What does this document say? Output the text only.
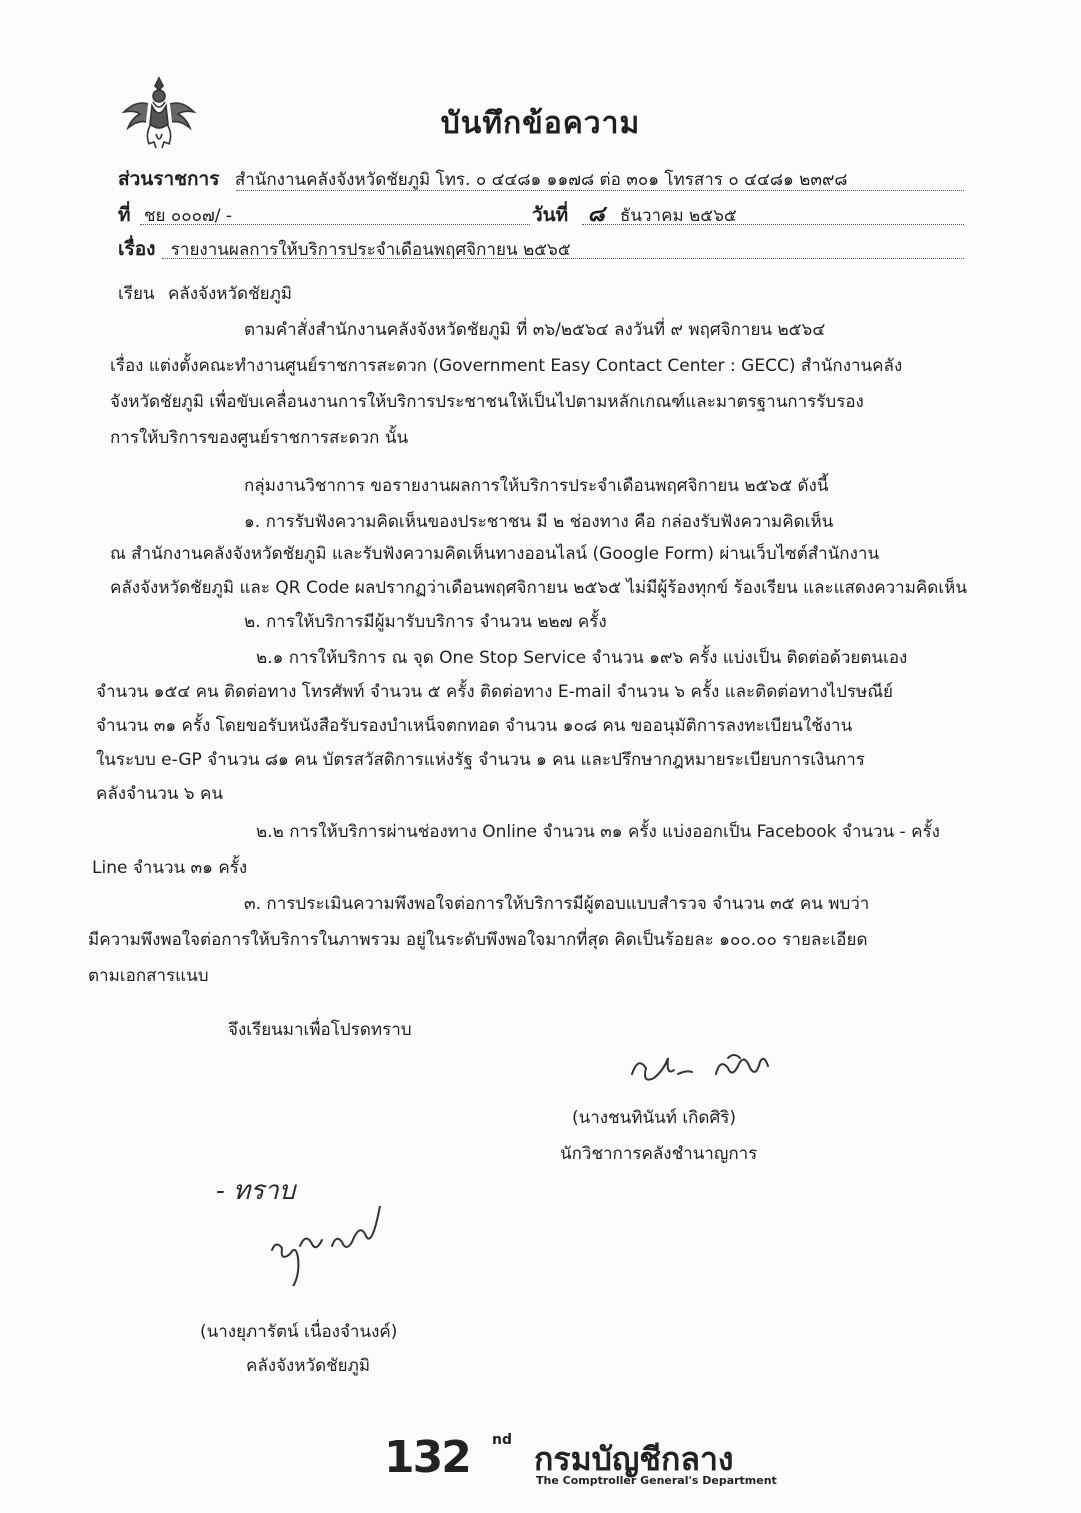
บันทึกข้อความ
ส่วนราชการ สำนักงานคลังจังหวัดชัยภูมิ โทร. ๐ ๔๔๘๑ ๑๑๗๘ ต่อ ๓๐๑ โทรสาร ๐ ๔๔๘๑ ๒๓๙๘
ที่ ชย ๐๐๐๗/ -	วันที่ ๘ ธันวาคม ๒๕๖๕
เรื่อง รายงานผลการให้บริการประจำเดือนพฤศจิกายน ๒๕๖๕
เรียน คลังจังหวัดชัยภูมิ
ตามคำสั่งสำนักงานคลังจังหวัดชัยภูมิ ที่ ๓๖/๒๕๖๔ ลงวันที่ ๙ พฤศจิกายน ๒๕๖๔
เรื่อง แต่งตั้งคณะทำงานศูนย์ราชการสะดวก (Government Easy Contact Center : GECC) สำนักงานคลัง
จังหวัดชัยภูมิ เพื่อขับเคลื่อนงานการให้บริการประชาชนให้เป็นไปตามหลักเกณฑ์และมาตรฐานการรับรอง
การให้บริการของศูนย์ราชการสะดวก นั้น
กลุ่มงานวิชาการ ขอรายงานผลการให้บริการประจำเดือนพฤศจิกายน ๒๕๖๕ ดังนี้
๑. การรับฟังความคิดเห็นของประชาชน มี ๒ ช่องทาง คือ กล่องรับฟังความคิดเห็น
ณ สำนักงานคลังจังหวัดชัยภูมิ และรับฟังความคิดเห็นทางออนไลน์ (Google Form) ผ่านเว็บไซต์สำนักงาน
คลังจังหวัดชัยภูมิ และ QR Code ผลปรากฏว่าเดือนพฤศจิกายน ๒๕๖๕ ไม่มีผู้ร้องทุกข์ ร้องเรียน และแสดงความคิดเห็น
๒. การให้บริการมีผู้มารับบริการ จำนวน ๒๒๗ ครั้ง
๒.๑ การให้บริการ ณ จุด One Stop Service จำนวน ๑๙๖ ครั้ง แบ่งเป็น ติดต่อด้วยตนเอง
จำนวน ๑๕๔ คน ติดต่อทาง โทรศัพท์ จำนวน ๕ ครั้ง ติดต่อทาง E-mail จำนวน ๖ ครั้ง และติดต่อทางไปรษณีย์
จำนวน ๓๑ ครั้ง โดยขอรับหนังสือรับรองบำเหน็จตกทอด จำนวน ๑๐๘ คน ขออนุมัติการลงทะเบียนใช้งาน
ในระบบ e-GP จำนวน ๘๑ คน บัตรสวัสดิการแห่งรัฐ จำนวน ๑ คน และปรึกษากฎหมายระเบียบการเงินการ
คลังจำนวน ๖ คน
๒.๒ การให้บริการผ่านช่องทาง Online จำนวน ๓๑ ครั้ง แบ่งออกเป็น Facebook จำนวน - ครั้ง
Line จำนวน ๓๑ ครั้ง
๓. การประเมินความพึงพอใจต่อการให้บริการมีผู้ตอบแบบสำรวจ จำนวน ๓๕ คน พบว่า
มีความพึงพอใจต่อการให้บริการในภาพรวม อยู่ในระดับพึงพอใจมากที่สุด คิดเป็นร้อยละ ๑๐๐.๐๐ รายละเอียด
ตามเอกสารแนบ
จึงเรียนมาเพื่อโปรดทราบ
(นางชนทินันท์ เกิดศิริ)
นักวิชาการคลังชำนาญการ
- ทราบ
(นางยุภารัตน์ เนื่องจำนงค์)
คลังจังหวัดชัยภูมิ
132 nd กรมบัญชีกลาง
The Comptroller General's Department
